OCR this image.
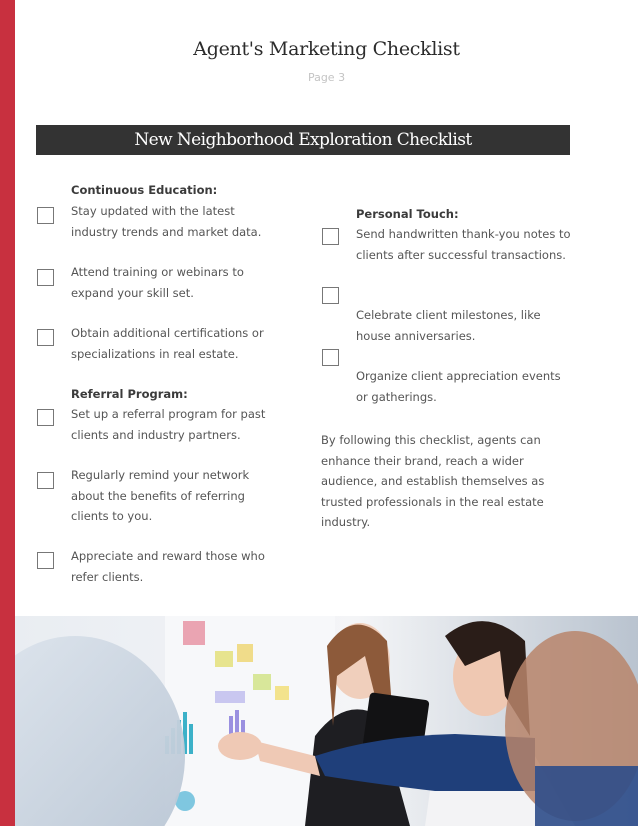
Agent's Marketing Checklist
Page 3
New Neighborhood Exploration Checklist
Continuous Education:
Stay updated with the latest industry trends and market data.
Attend training or webinars to expand your skill set.
Obtain additional certifications or specializations in real estate.
Referral Program:
Set up a referral program for past clients and industry partners.
Regularly remind your network about the benefits of referring clients to you.
Appreciate and reward those who refer clients.
Personal Touch:
Send handwritten thank-you notes to clients after successful transactions.
Celebrate client milestones, like house anniversaries.
Organize client appreciation events or gatherings.
By following this checklist, agents can enhance their brand, reach a wider audience, and establish themselves as trusted professionals in the real estate industry.
